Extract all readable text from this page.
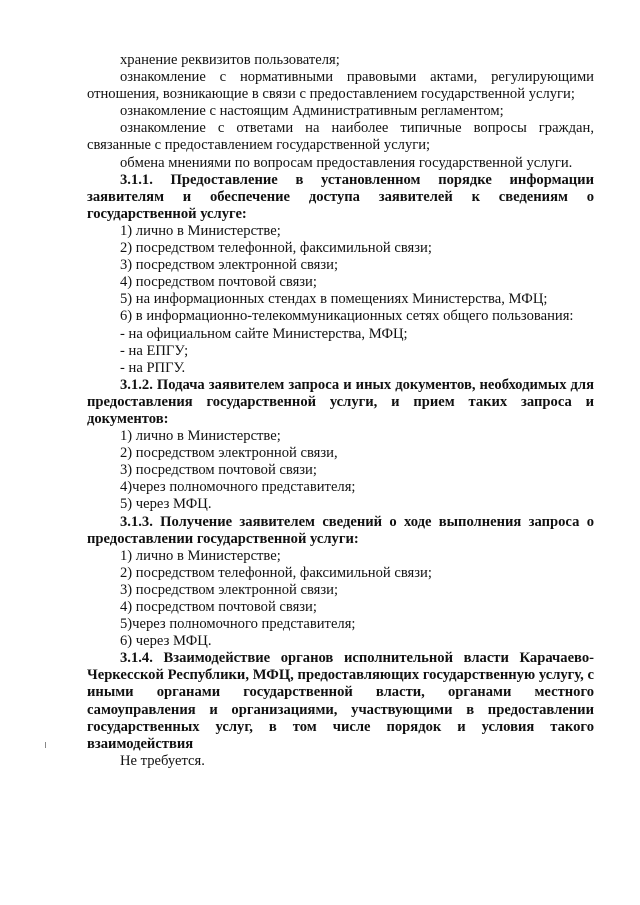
хранение реквизитов пользователя;

ознакомление с нормативными правовыми актами, регулирующими отношения, возникающие в связи с предоставлением государственной услуги;

ознакомление с настоящим Административным регламентом;

ознакомление с ответами на наиболее типичные вопросы граждан, связанные с предоставлением государственной услуги;

обмена мнениями по вопросам предоставления государственной услуги.

3.1.1. Предоставление в установленном порядке информации заявителям и обеспечение доступа заявителей к сведениям о государственной услуге:

1) лично в Министерстве;

2) посредством телефонной, факсимильной связи;

3) посредством электронной связи;

4) посредством почтовой связи;

5) на информационных стендах в помещениях Министерства, МФЦ;

6) в информационно-телекоммуникационных сетях общего пользования:

- на официальном сайте Министерства, МФЦ;

- на ЕПГУ;

- на РПГУ.

3.1.2. Подача заявителем запроса и иных документов, необходимых для предоставления государственной услуги, и прием таких запроса и документов:

1) лично в Министерстве;

2) посредством электронной связи,

3) посредством почтовой связи;

4)через полномочного представителя;

5) через МФЦ.

3.1.3. Получение заявителем сведений о ходе выполнения запроса о предоставлении государственной услуги:

1) лично в Министерстве;

2) посредством телефонной, факсимильной связи;

3) посредством электронной связи;

4) посредством почтовой связи;

5)через полномочного представителя;

6) через МФЦ.

3.1.4. Взаимодействие органов исполнительной власти Карачаево-Черкесской Республики, МФЦ, предоставляющих государственную услугу, с иными органами государственной власти, органами местного самоуправления и организациями, участвующими в предоставлении государственных услуг, в том числе порядок и условия такого взаимодействия

Не требуется.
